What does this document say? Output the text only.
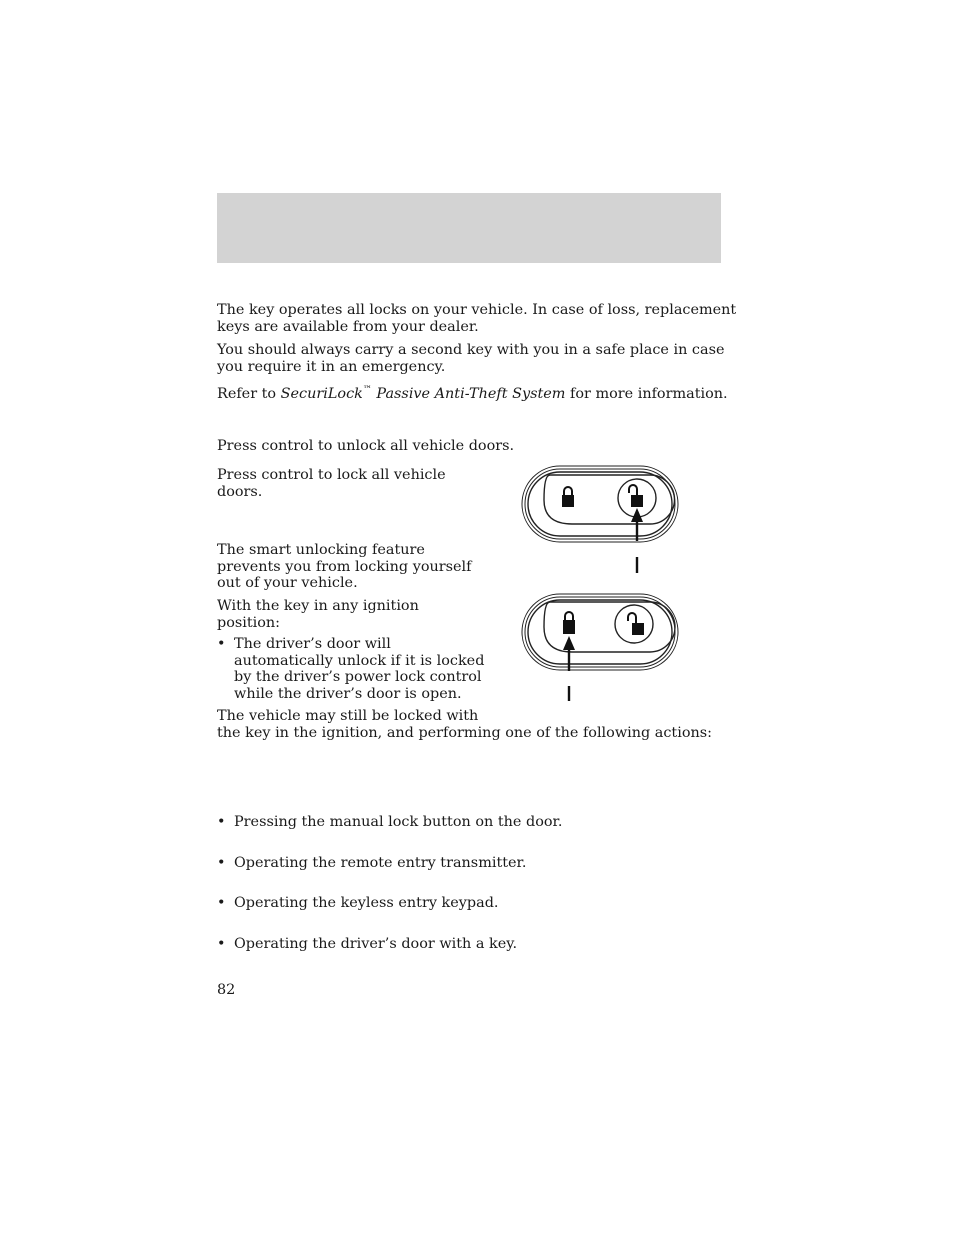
The key operates all locks on your vehicle. In case of loss, replacement
keys are available from your dealer.

You should always carry a second key with you in a safe place in case
you require it in an emergency.

Refer to SecuriLock™ Passive Anti-Theft System for more information.

Press control to unlock all vehicle doors.

Press control to lock all vehicle
doors.

The smart unlocking feature
prevents you from locking yourself
out of your vehicle.

With the key in any ignition
position:

• The driver’s door will
automatically unlock if it is locked
by the driver’s power lock control
while the driver’s door is open.

The vehicle may still be locked with
the key in the ignition, and performing one of the following actions:

• Pressing the manual lock button on the door.
• Operating the remote entry transmitter.
• Operating the keyless entry keypad.
• Operating the driver’s door with a key.
82
